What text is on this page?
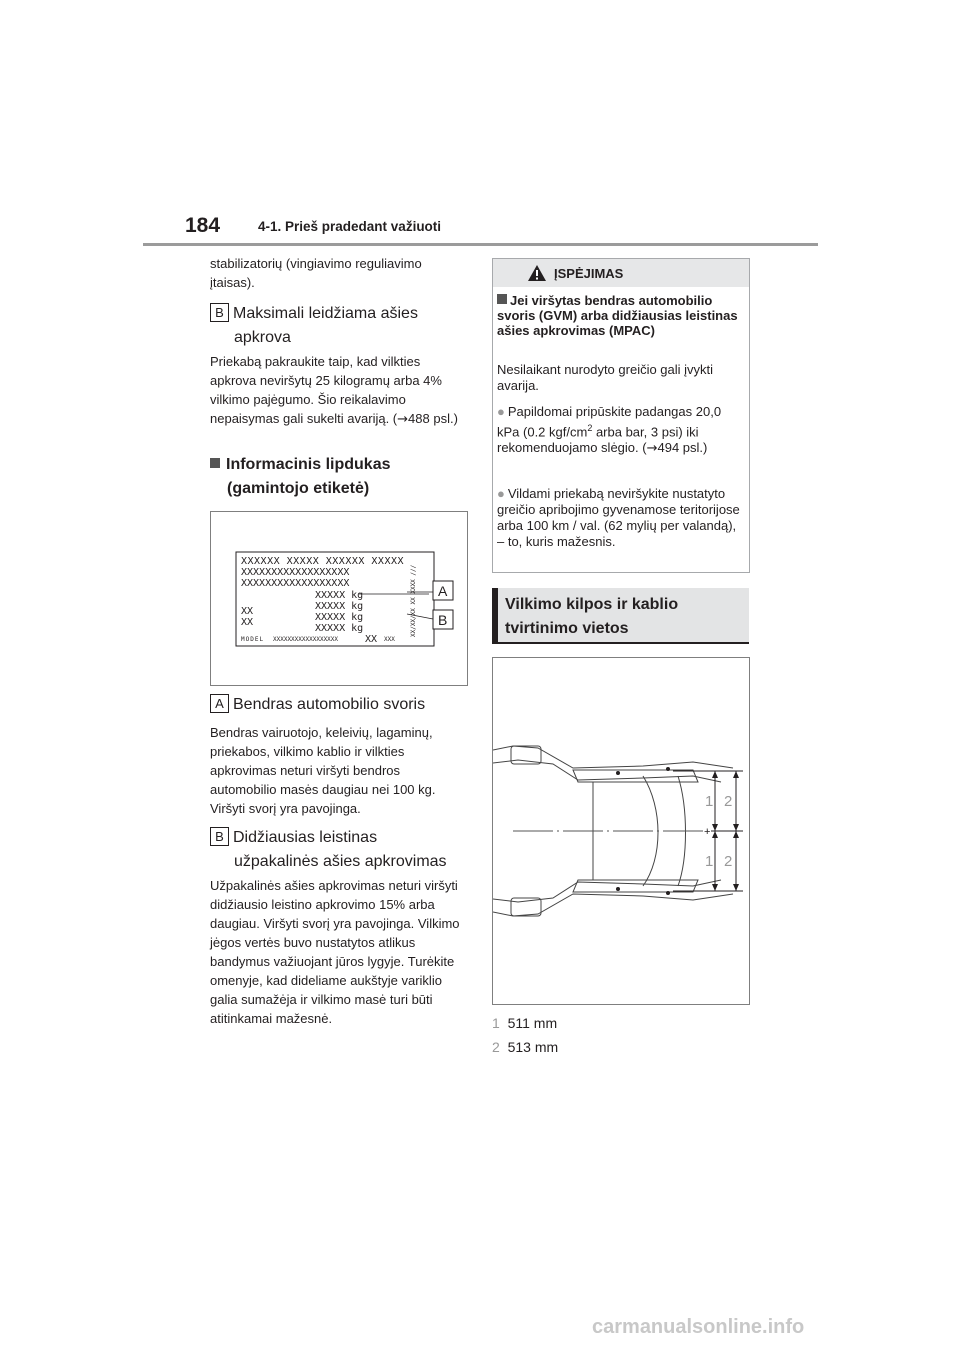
184	4-1. Prieš pradedant važiuoti
stabilizatorių (vingiavimo reguliavimo įtaisas).
B Maksimali leidžiama ašies
apkrova
Priekabą pakraukite taip, kad vilkties apkrova neviršytų 25 kilogramų arba 4% vilkimo pajėgumo. Šio reikalavimo nepaisymas gali sukelti avariją. (→488 psl.)
Informacinis lipdukas
(gamintojo etiketė)
XXXXXX XXXXX XXXXXX XXXXX
XXXXXXXXXXXXXXXXXX
XXXXXXXXXXXXXXXXXX
XXXXX kg
XXXXX kg
XXXXX kg
XXXXX kg
XX
XX
MODEL XXXXXXXXXXXXXXXXXX	XX XXX
XX/XX/XX XX XXXX /// A
B
A Bendras automobilio svoris
Bendras vairuotojo, keleivių, lagaminų, priekabos, vilkimo kablio ir vilkties apkrovimas neturi viršyti bendros automobilio masės daugiau nei 100 kg. Viršyti svorį yra pavojinga.
B Didžiausias leistinas
užpakalinės ašies apkrovimas
Užpakalinės ašies apkrovimas neturi viršyti didžiausio leistino apkrovimo 15% arba daugiau. Viršyti svorį yra pavojinga. Vilkimo jėgos vertės buvo nustatytos atlikus bandymus važiuojant jūros lygyje. Turėkite omenyje, kad dideliame aukštyje variklio galia sumažėja ir vilkimo masė turi būti atitinkamai mažesnė.
ĮSPĖJIMAS
Jei viršytas bendras automobilio svoris (GVM) arba didžiausias leistinas ašies apkrovimas (MPAC)
Nesilaikant nurodyto greičio gali įvykti avarija.
● Papildomai pripūskite padangas 20,0 kPa (0.2 kgf/$cm^2$ arba bar, 3 psi) iki rekomenduojamo slėgio. (→494 psl.)
● Vildami priekabą neviršykite nustatyto greičio apribojimo gyvenamose teritorijose arba 100 km / val. (62 mylių per valandą), – to, kuris mažesnis.
Vilkimo kilpos ir kablio
tvirtinimo vietos
+
1 2
1 2
1 511 mm
2 513 mm
carmanualsonline.info
